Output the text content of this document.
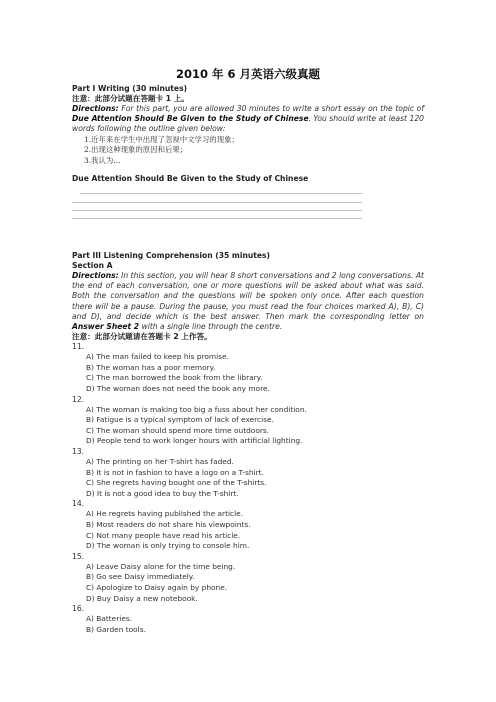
2010 年 6 月英语六级真题
Part I Writing (30 minutes)
注意：此部分试题在答题卡 1 上。
Directions: For this part, you are allowed 30 minutes to write a short essay on the topic of Due Attention Should Be Given to the Study of Chinese. You should write at least 120 words following the outline given below:
1.近年来在学生中出现了忽视中文学习的现象；
2.出现这种现象的原因和后果；
3.我认为…
Due Attention Should Be Given to the Study of Chinese
____________________________________________________________________________
______________________________________________________________________________
______________________________________________________________________________
______________________________________________________________________________
Part III Listening Comprehension (35 minutes)
Section A
Directions: In this section, you will hear 8 short conversations and 2 long conversations. At the end of each conversation, one or more questions will be asked about what was said. Both the conversation and the questions will be spoken only once. After each question there will be a pause. During the pause, you must read the four choices marked A), B), C) and D), and decide which is the best answer. Then mark the corresponding letter on Answer Sheet 2 with a single line through the centre.
注意：此部分试题请在答题卡 2 上作答。
11.
A) The man failed to keep his promise.
B) The woman has a poor memory.
C) The man borrowed the book from the library.
D) The woman does not need the book any more.
12.
A) The woman is making too big a fuss about her condition.
B) Fatigue is a typical symptom of lack of exercise.
C) The woman should spend more time outdoors.
D) People tend to work longer hours with artificial lighting.
13.
A) The printing on her T-shirt has faded.
B) It is not in fashion to have a logo on a T-shirt.
C) She regrets having bought one of the T-shirts.
D) It is not a good idea to buy the T-shirt.
14.
A) He regrets having published the article.
B) Most readers do not share his viewpoints.
C) Not many people have read his article.
D) The woman is only trying to console him.
15.
A) Leave Daisy alone for the time being.
B) Go see Daisy immediately.
C) Apologize to Daisy again by phone.
D) Buy Daisy a new notebook.
16.
A) Batteries.
B) Garden tools.
